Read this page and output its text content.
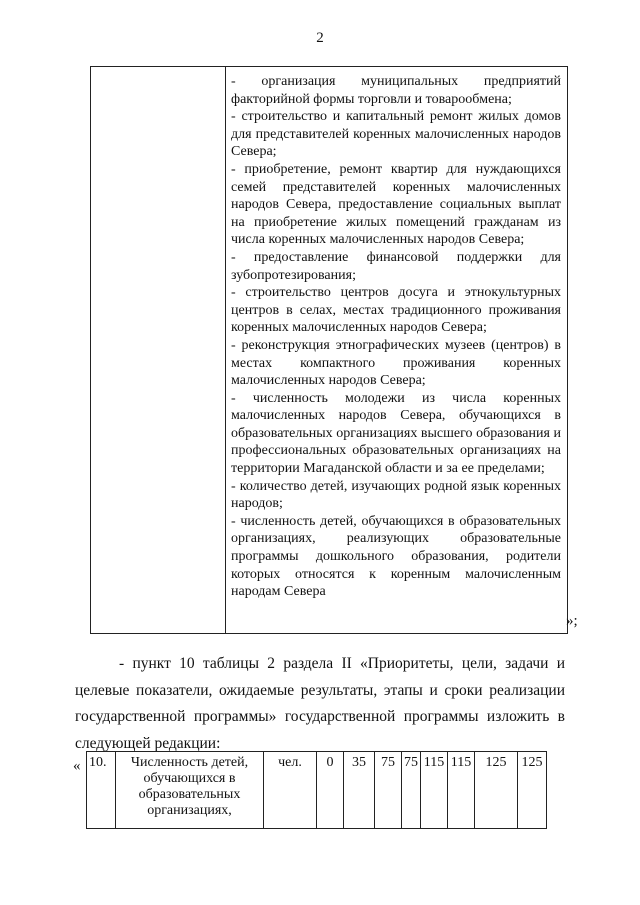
2

- организация муниципальных предприятий факторийной формы торговли и товарообмена;

- строительство и капитальный ремонт жилых домов для представителей коренных малочисленных народов Севера;

- приобретение, ремонт квартир для нуждающихся семей представителей коренных малочисленных народов Севера, предоставление социальных выплат на приобретение жилых помещений гражданам из числа коренных малочисленных народов Севера;

- предоставление финансовой поддержки для зубопротезирования;

- строительство центров досуга и этнокультурных центров в селах, местах традиционного проживания коренных малочисленных народов Севера;

- реконструкция этнографических музеев (центров) в местах компактного проживания коренных малочисленных народов Севера;

- численность молодежи из числа коренных малочисленных народов Севера, обучающихся в образовательных организациях высшего образования и профессиональных образовательных организациях на территории Магаданской области и за ее пределами;

- количество детей, изучающих родной язык коренных народов;

- численность детей, обучающихся в образовательных организациях, реализующих образовательные программы дошкольного образования, родители которых относятся к коренным малочисленным народам Севера

»;
- пункт 10 таблицы 2 раздела II «Приоритеты, цели, задачи и целевые показатели, ожидаемые результаты, этапы и сроки реализации государственной программы» государственной программы изложить в следующей редакции:
« 10.	Численность детей, обучающихся в образовательных организациях,	чел.	0	35	75	75	115	115	125	125
